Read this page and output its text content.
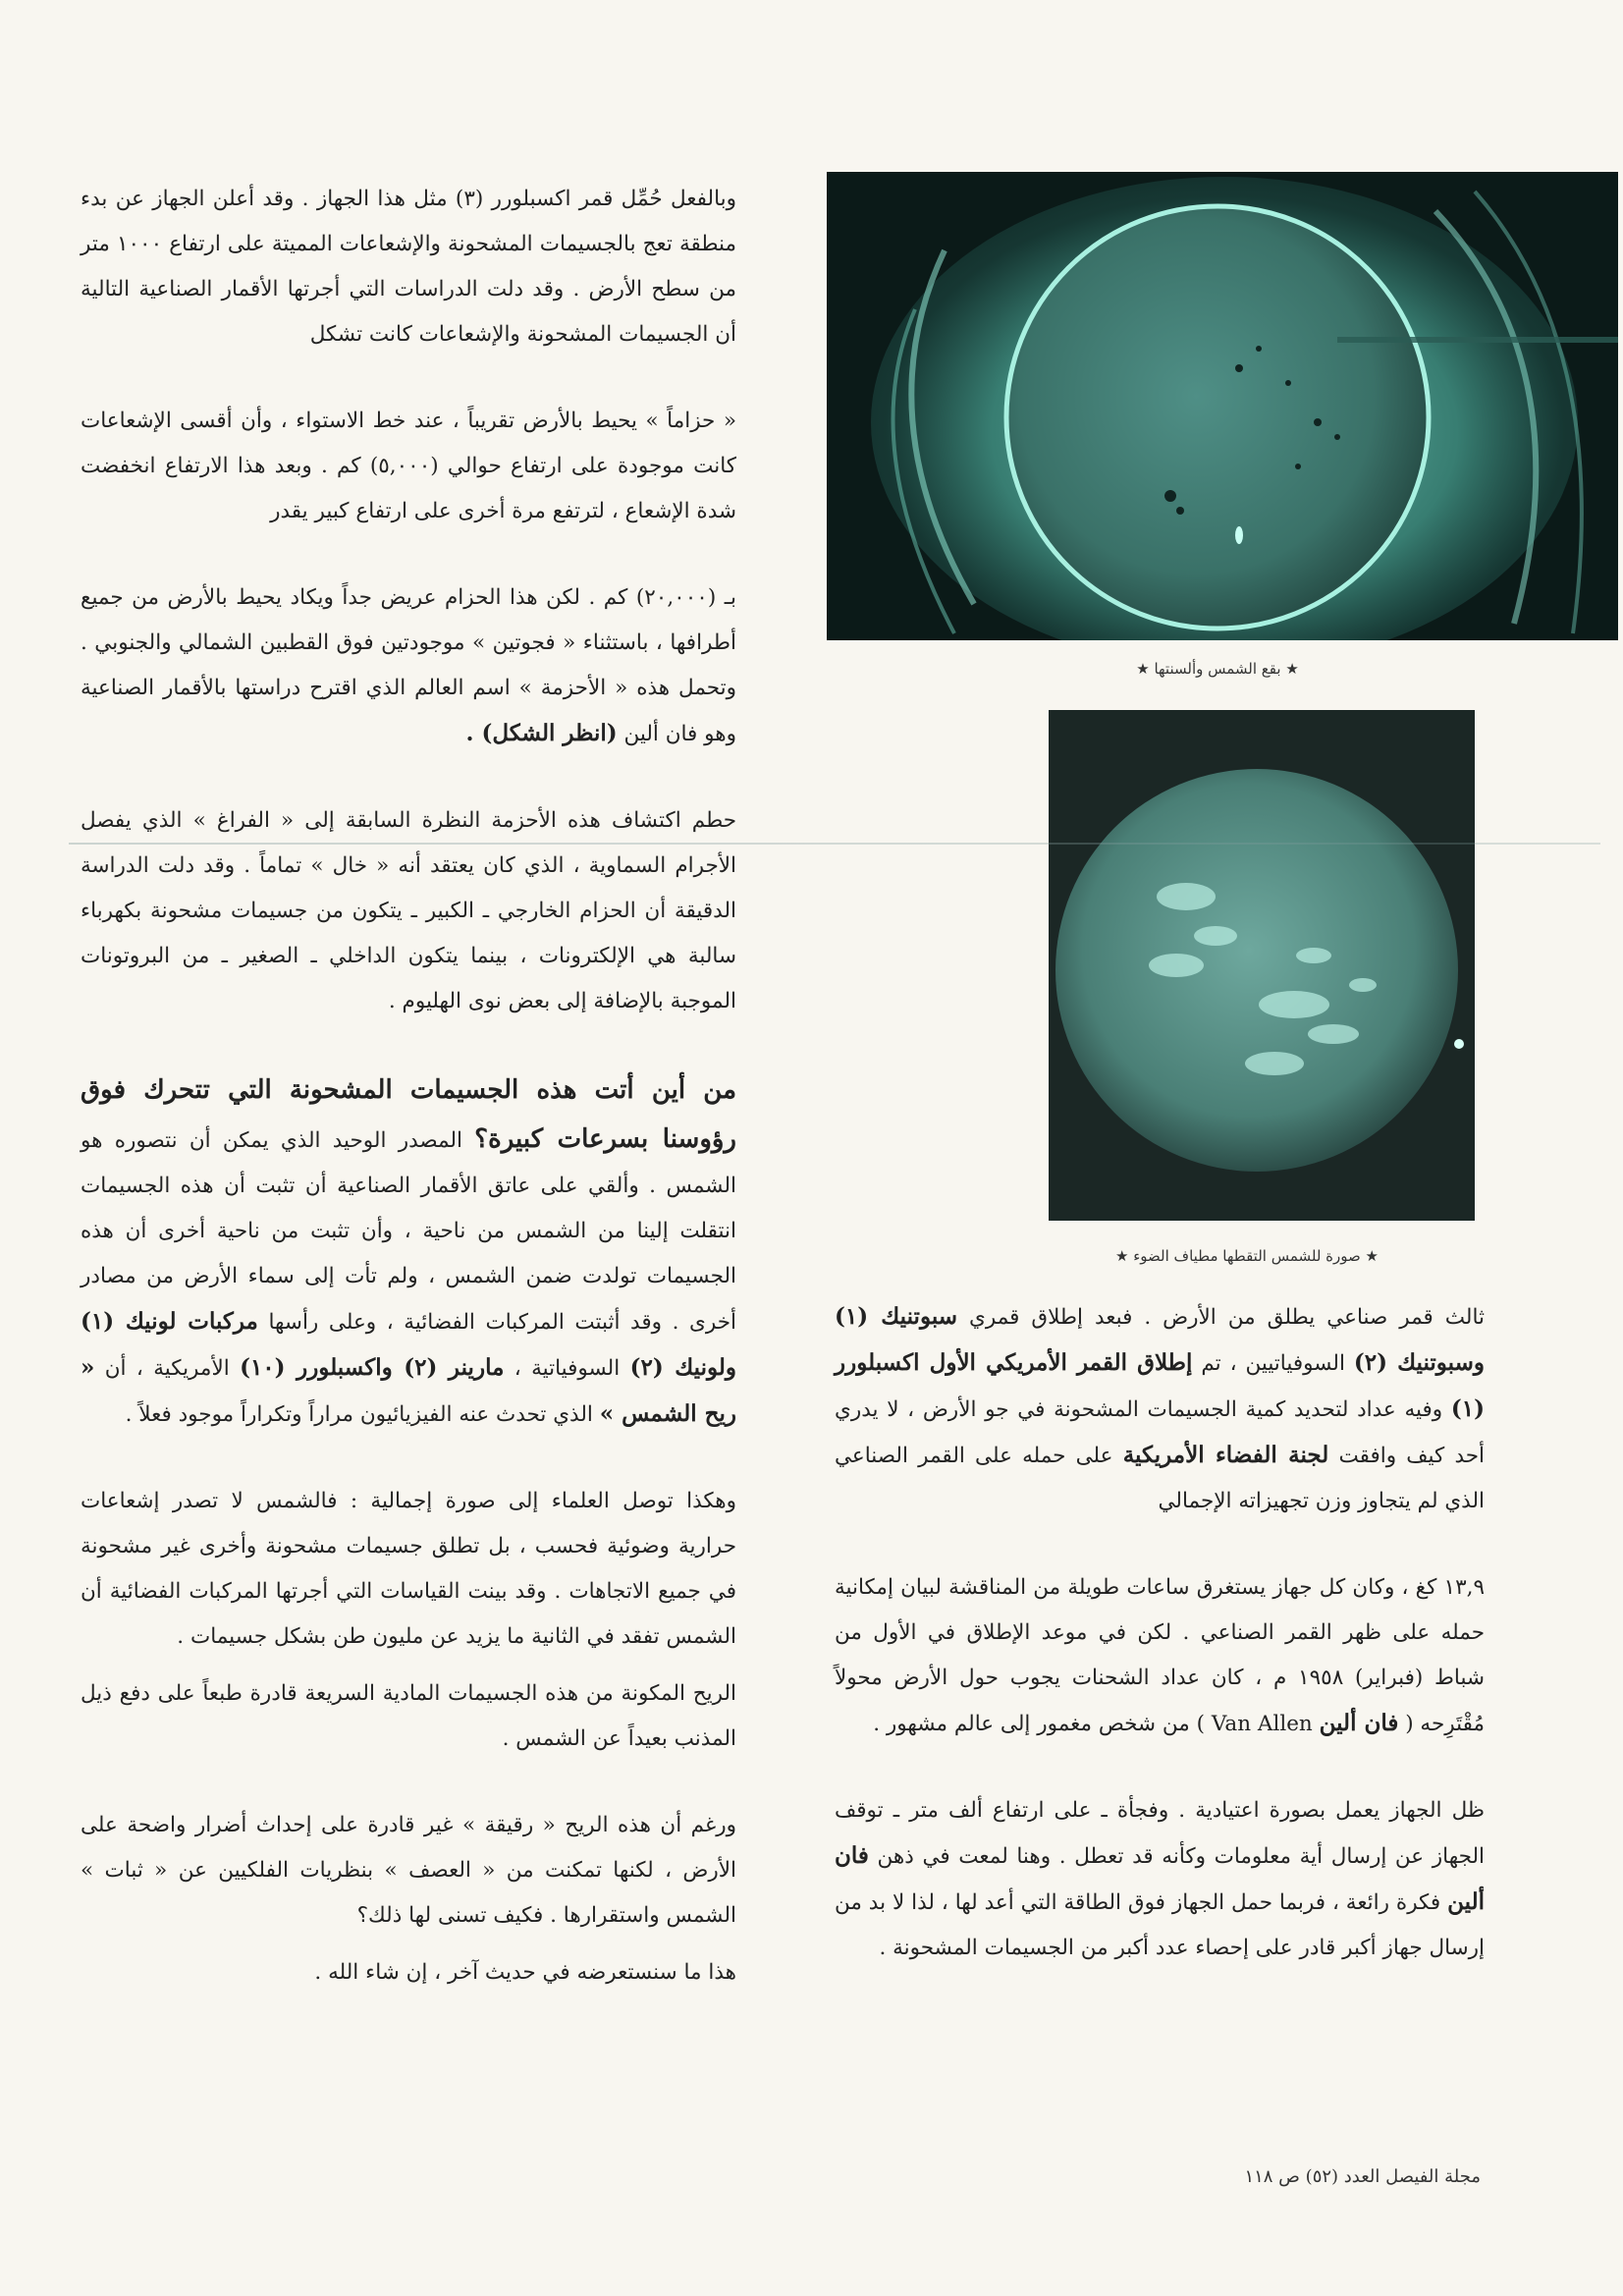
★ بقع الشمس وألسنتها ★
★ صورة للشمس التقطها مطياف الضوء ★

وبالفعل حُمِّل قمر اكسبلورر (٣) مثل هذا الجهاز . وقد أعلن الجهاز عن بدء منطقة تعج بالجسيمات المشحونة والإشعاعات المميتة على ارتفاع ١٠٠٠ متر من سطح الأرض . وقد دلت الدراسات التي أجرتها الأقمار الصناعية التالية أن الجسيمات المشحونة والإشعاعات كانت تشكل

« حزاماً » يحيط بالأرض تقريباً ، عند خط الاستواء ، وأن أقسى الإشعاعات كانت موجودة على ارتفاع حوالي (٥,٠٠٠) كم . وبعد هذا الارتفاع انخفضت شدة الإشعاع ، لترتفع مرة أخرى على ارتفاع كبير يقدر

بـ (٢٠,٠٠٠) كم . لكن هذا الحزام عريض جداً ويكاد يحيط بالأرض من جميع أطرافها ، باستثناء « فجوتين » موجودتين فوق القطبين الشمالي والجنوبي . وتحمل هذه « الأحزمة » اسم العالم الذي اقترح دراستها بالأقمار الصناعية وهو فان ألين (انظر الشكل) .

حطم اكتشاف هذه الأحزمة النظرة السابقة إلى « الفراغ » الذي يفصل الأجرام السماوية ، الذي كان يعتقد أنه « خال » تماماً . وقد دلت الدراسة الدقيقة أن الحزام الخارجي ـ الكبير ـ يتكون من جسيمات مشحونة بكهرباء سالبة هي الإلكترونات ، بينما يتكون الداخلي ـ الصغير ـ من البروتونات الموجبة بالإضافة إلى بعض نوى الهليوم .

من أين أتت هذه الجسيمات المشحونة التي تتحرك فوق رؤوسنا بسرعات كبيرة؟ المصدر الوحيد الذي يمكن أن نتصوره هو الشمس . وألقي على عاتق الأقمار الصناعية أن تثبت أن هذه الجسيمات انتقلت إلينا من الشمس من ناحية ، وأن تثبت من ناحية أخرى أن هذه الجسيمات تولدت ضمن الشمس ، ولم تأت إلى سماء الأرض من مصادر أخرى . وقد أثبتت المركبات الفضائية ، وعلى رأسها مركبات لونيك (١) ولونيك (٢) السوفياتية ، مارينر (٢) واكسبلورر (١٠) الأمريكية ، أن « ريح الشمس » الذي تحدث عنه الفيزيائيون مراراً وتكراراً موجود فعلاً .

وهكذا توصل العلماء إلى صورة إجمالية : فالشمس لا تصدر إشعاعات حرارية وضوئية فحسب ، بل تطلق جسيمات مشحونة وأخرى غير مشحونة في جميع الاتجاهات . وقد بينت القياسات التي أجرتها المركبات الفضائية أن الشمس تفقد في الثانية ما يزيد عن مليون طن بشكل جسيمات .

الريح المكونة من هذه الجسيمات المادية السريعة قادرة طبعاً على دفع ذيل المذنب بعيداً عن الشمس .

ورغم أن هذه الريح « رقيقة » غير قادرة على إحداث أضرار واضحة على الأرض ، لكنها تمكنت من « العصف » بنظريات الفلكيين عن « ثبات » الشمس واستقرارها . فكيف تسنى لها ذلك؟

هذا ما سنستعرضه في حديث آخر ، إن شاء الله .

ثالث قمر صناعي يطلق من الأرض . فبعد إطلاق قمري سبوتنيك (١) وسبوتنيك (٢) السوفياتيين ، تم إطلاق القمر الأمريكي الأول اكسبلورر (١) وفيه عداد لتحديد كمية الجسيمات المشحونة في جو الأرض ، لا يدري أحد كيف وافقت لجنة الفضاء الأمريكية على حمله على القمر الصناعي الذي لم يتجاوز وزن تجهيزاته الإجمالي

١٣,٩ كغ ، وكان كل جهاز يستغرق ساعات طويلة من المناقشة لبيان إمكانية حمله على ظهر القمر الصناعي . لكن في موعد الإطلاق في الأول من شباط (فبراير) ١٩٥٨ م ، كان عداد الشحنات يجوب حول الأرض محولاً مُقْتَرِحه ( فان ألين Van Allen ) من شخص مغمور إلى عالم مشهور .

ظل الجهاز يعمل بصورة اعتيادية . وفجأة ـ على ارتفاع ألف متر ـ توقف الجهاز عن إرسال أية معلومات وكأنه قد تعطل . وهنا لمعت في ذهن فان ألين فكرة رائعة ، فربما حمل الجهاز فوق الطاقة التي أعد لها ، لذا لا بد من إرسال جهاز أكبر قادر على إحصاء عدد أكبر من الجسيمات المشحونة .

مجلة الفيصل العدد (٥٢) ص ١١٨
